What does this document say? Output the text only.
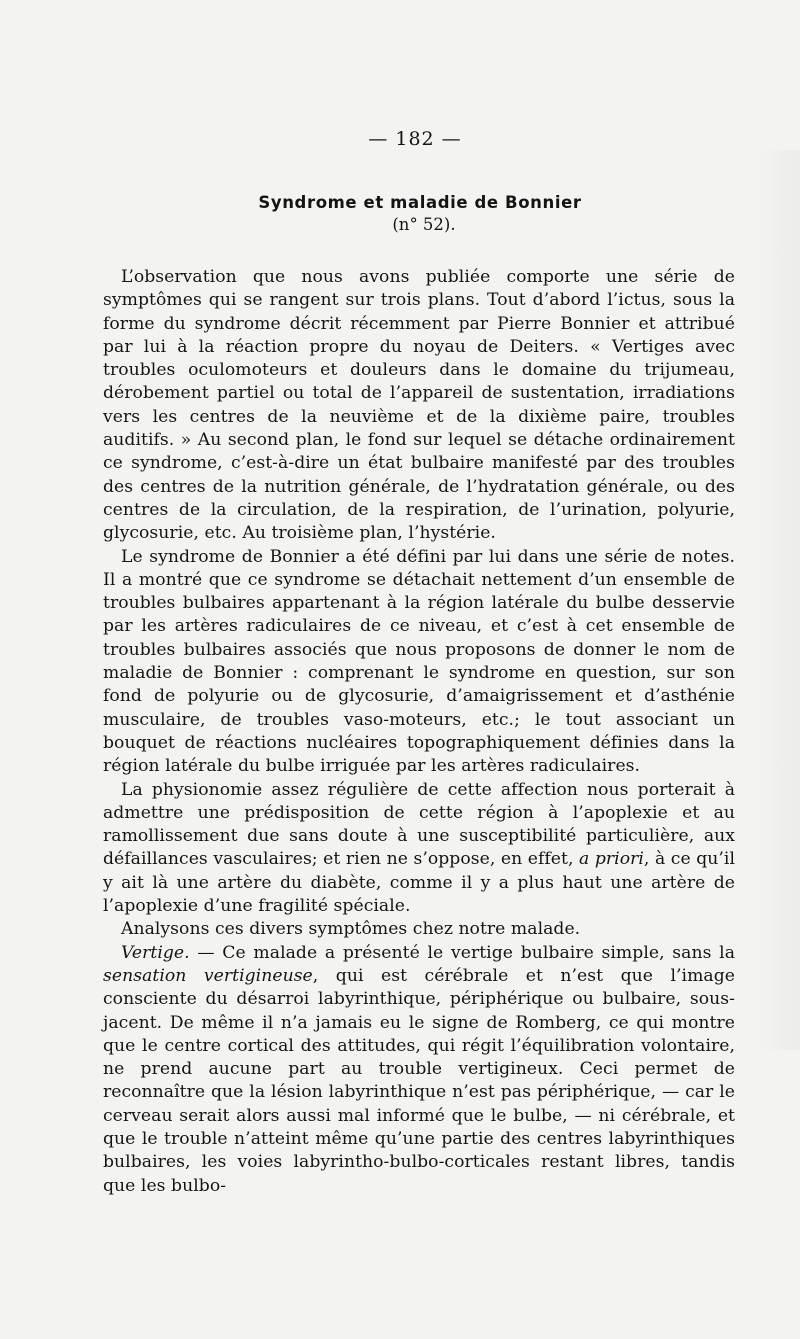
— 182 —
Syndrome et maladie de Bonnier
(n° 52).

L’observation que nous avons publiée comporte une série de symptômes qui se rangent sur trois plans. Tout d’abord l’ictus, sous la forme du syndrome décrit récemment par Pierre Bonnier et attribué par lui à la réaction propre du noyau de Deiters. « Vertiges avec troubles oculomoteurs et douleurs dans le domaine du trijumeau, dérobement partiel ou total de l’appareil de sustentation, irradiations vers les centres de la neuvième et de la dixième paire, troubles auditifs. » Au second plan, le fond sur lequel se détache ordinairement ce syndrome, c’est-à-dire un état bulbaire manifesté par des troubles des centres de la nutrition générale, de l’hydratation générale, ou des centres de la circulation, de la respiration, de l’urination, polyurie, glycosurie, etc. Au troisième plan, l’hystérie.

Le syndrome de Bonnier a été défini par lui dans une série de notes. Il a montré que ce syndrome se détachait nettement d’un ensemble de troubles bulbaires appartenant à la région latérale du bulbe desservie par les artères radiculaires de ce niveau, et c’est à cet ensemble de troubles bulbaires associés que nous proposons de donner le nom de maladie de Bonnier : comprenant le syndrome en question, sur son fond de polyurie ou de glycosurie, d’amaigrissement et d’asthénie musculaire, de troubles vaso-moteurs, etc.; le tout associant un bouquet de réactions nucléaires topographiquement définies dans la région latérale du bulbe irriguée par les artères radiculaires.

La physionomie assez régulière de cette affection nous porterait à admettre une prédisposition de cette région à l’apoplexie et au ramollissement due sans doute à une susceptibilité particulière, aux défaillances vasculaires; et rien ne s’oppose, en effet, a priori, à ce qu’il y ait là une artère du diabète, comme il y a plus haut une artère de l’apoplexie d’une fragilité spéciale.

Analysons ces divers symptômes chez notre malade.

Vertige. — Ce malade a présenté le vertige bulbaire simple, sans la sensation vertigineuse, qui est cérébrale et n’est que l’image consciente du désarroi labyrinthique, périphérique ou bulbaire, sous-jacent. De même il n’a jamais eu le signe de Romberg, ce qui montre que le centre cortical des attitudes, qui régit l’équilibration volontaire, ne prend aucune part au trouble vertigineux. Ceci permet de reconnaître que la lésion labyrinthique n’est pas périphérique, — car le cerveau serait alors aussi mal informé que le bulbe, — ni cérébrale, et que le trouble n’atteint même qu’une partie des centres labyrinthiques bulbaires, les voies labyrintho-bulbo-corticales restant libres, tandis que les bulbo-
